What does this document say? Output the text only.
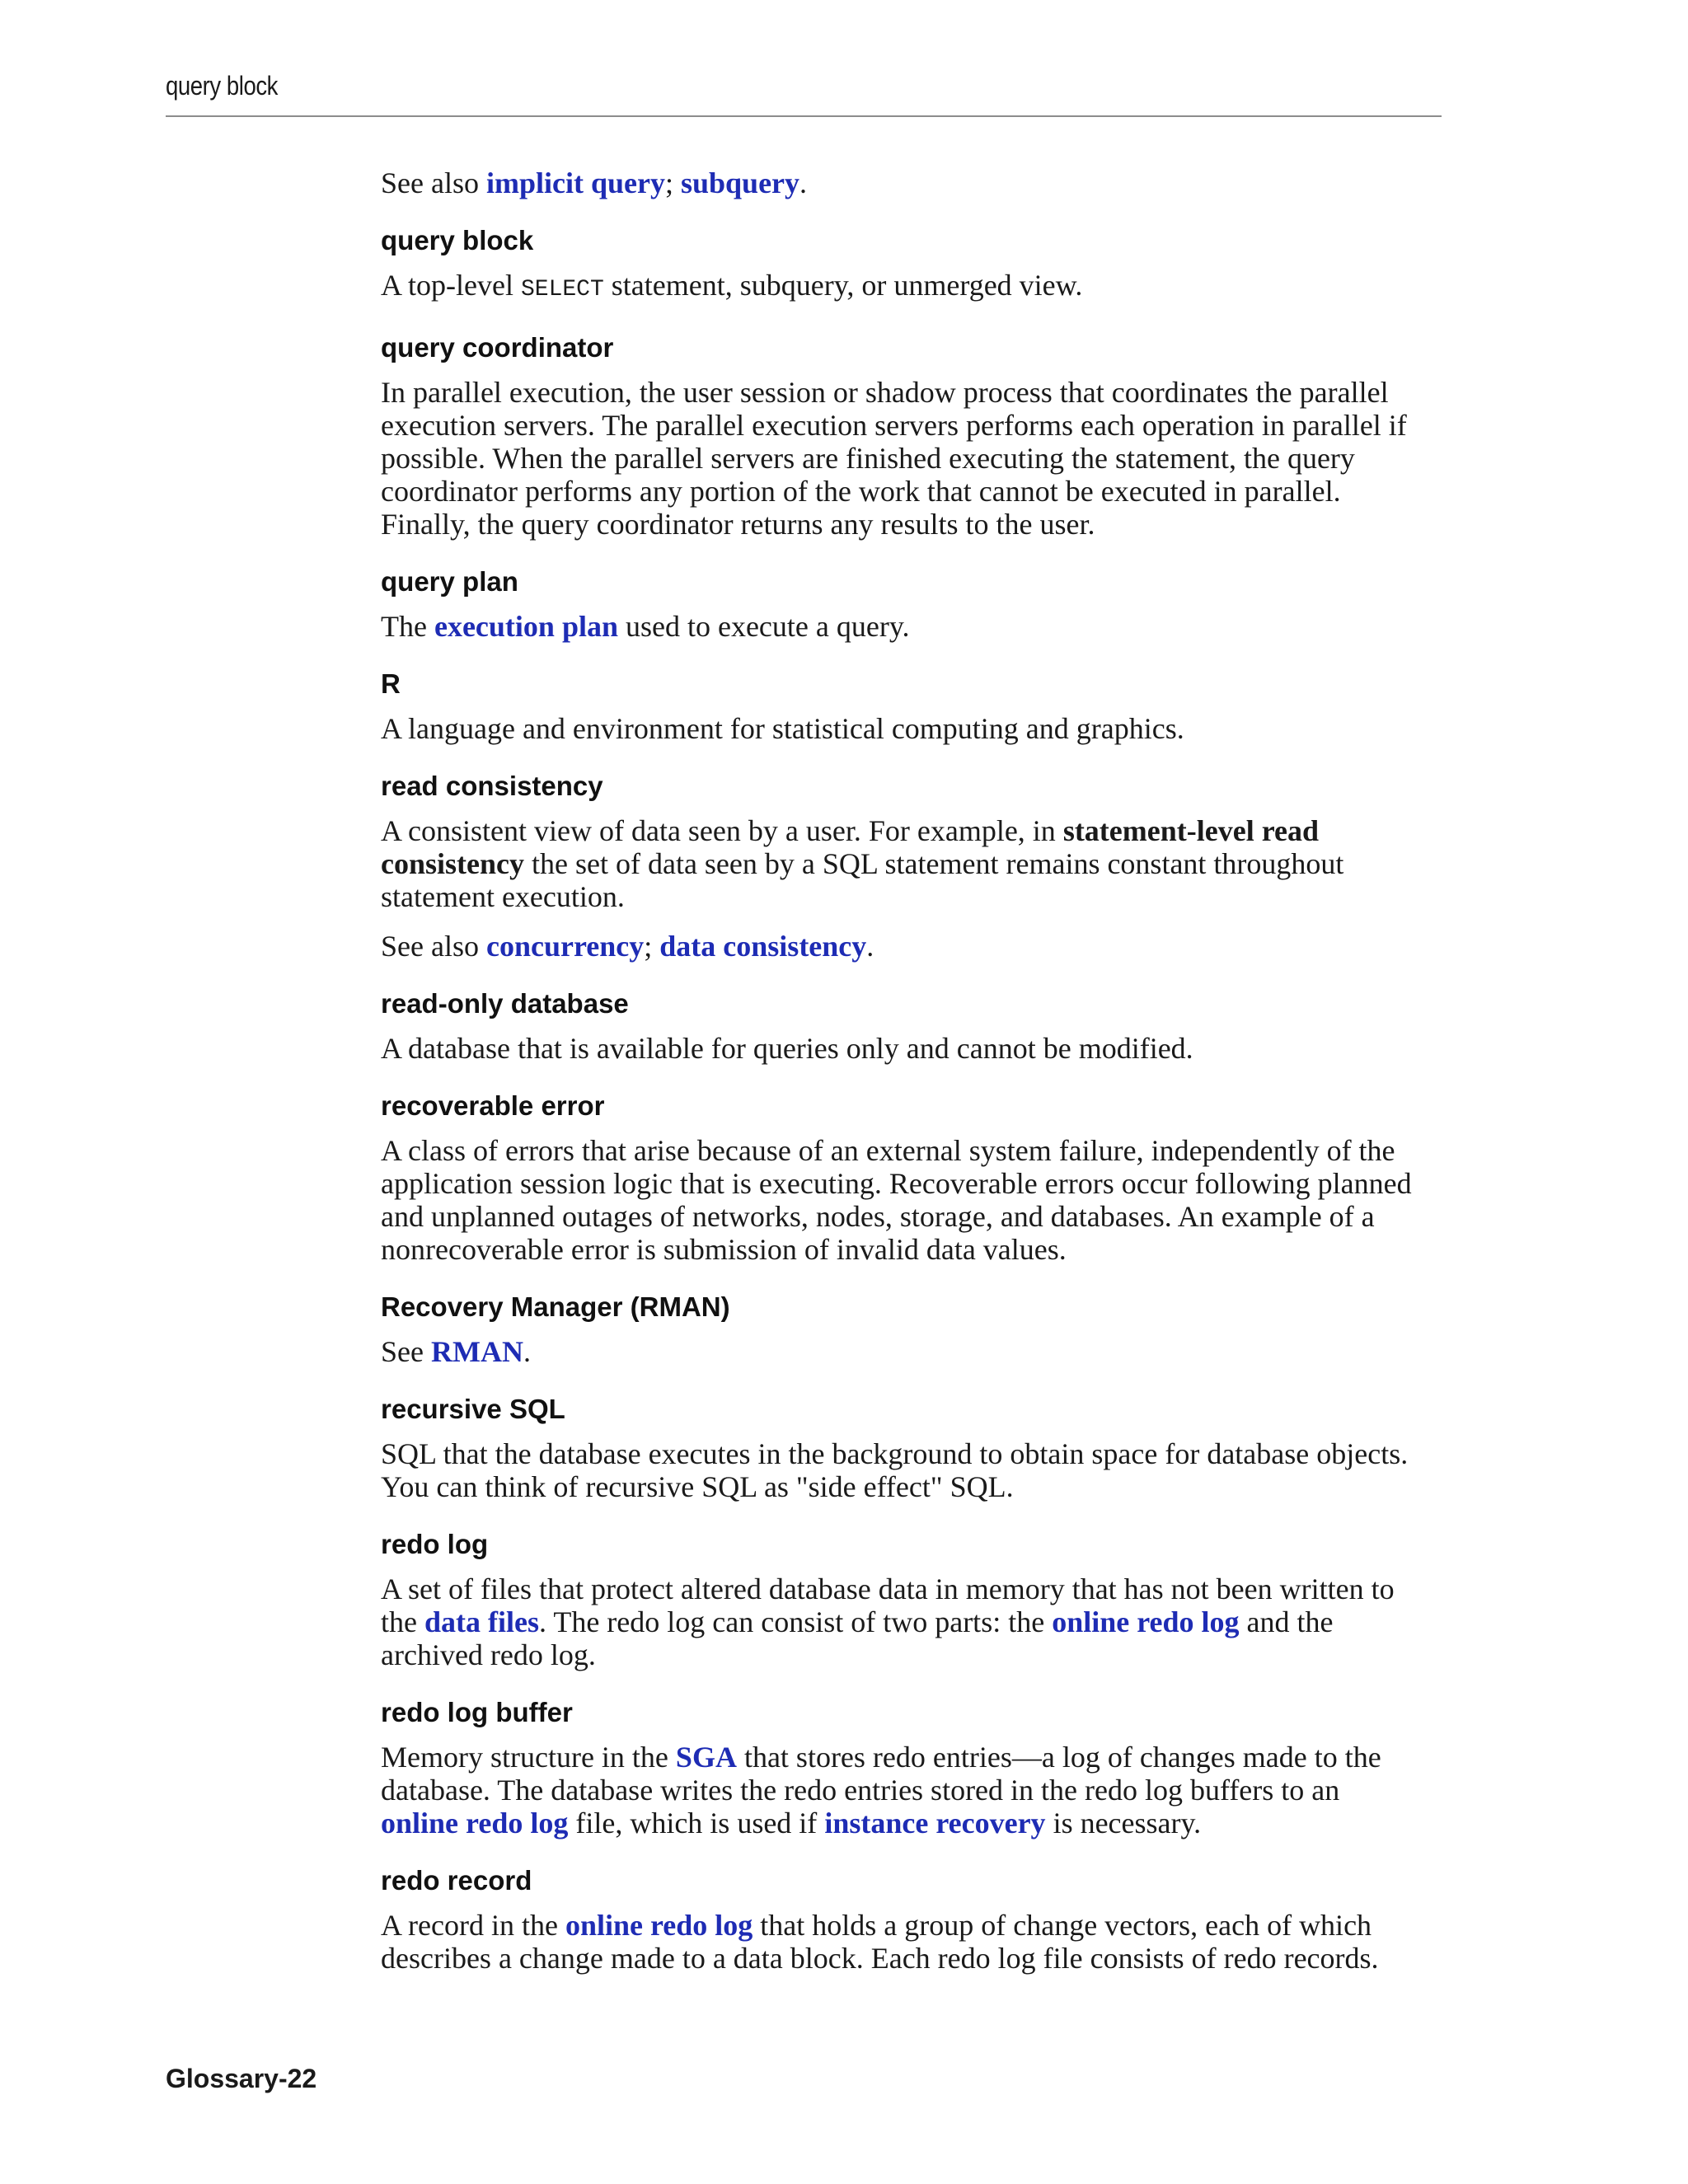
query block

See also implicit query; subquery.

query block

A top-level SELECT statement, subquery, or unmerged view.

query coordinator

In parallel execution, the user session or shadow process that coordinates the parallel
execution servers. The parallel execution servers performs each operation in parallel if
possible. When the parallel servers are finished executing the statement, the query
coordinator performs any portion of the work that cannot be executed in parallel.
Finally, the query coordinator returns any results to the user.

query plan

The execution plan used to execute a query.

R

A language and environment for statistical computing and graphics.

read consistency

A consistent view of data seen by a user. For example, in statement-level read
consistency the set of data seen by a SQL statement remains constant throughout
statement execution.

See also concurrency; data consistency.

read-only database

A database that is available for queries only and cannot be modified.

recoverable error

A class of errors that arise because of an external system failure, independently of the
application session logic that is executing. Recoverable errors occur following planned
and unplanned outages of networks, nodes, storage, and databases. An example of a
nonrecoverable error is submission of invalid data values.

Recovery Manager (RMAN)

See RMAN.

recursive SQL

SQL that the database executes in the background to obtain space for database objects.
You can think of recursive SQL as "side effect" SQL.

redo log

A set of files that protect altered database data in memory that has not been written to
the data files. The redo log can consist of two parts: the online redo log and the
archived redo log.

redo log buffer

Memory structure in the SGA that stores redo entries—a log of changes made to the
database. The database writes the redo entries stored in the redo log buffers to an
online redo log file, which is used if instance recovery is necessary.

redo record

A record in the online redo log that holds a group of change vectors, each of which
describes a change made to a data block. Each redo log file consists of redo records.

Glossary-22
